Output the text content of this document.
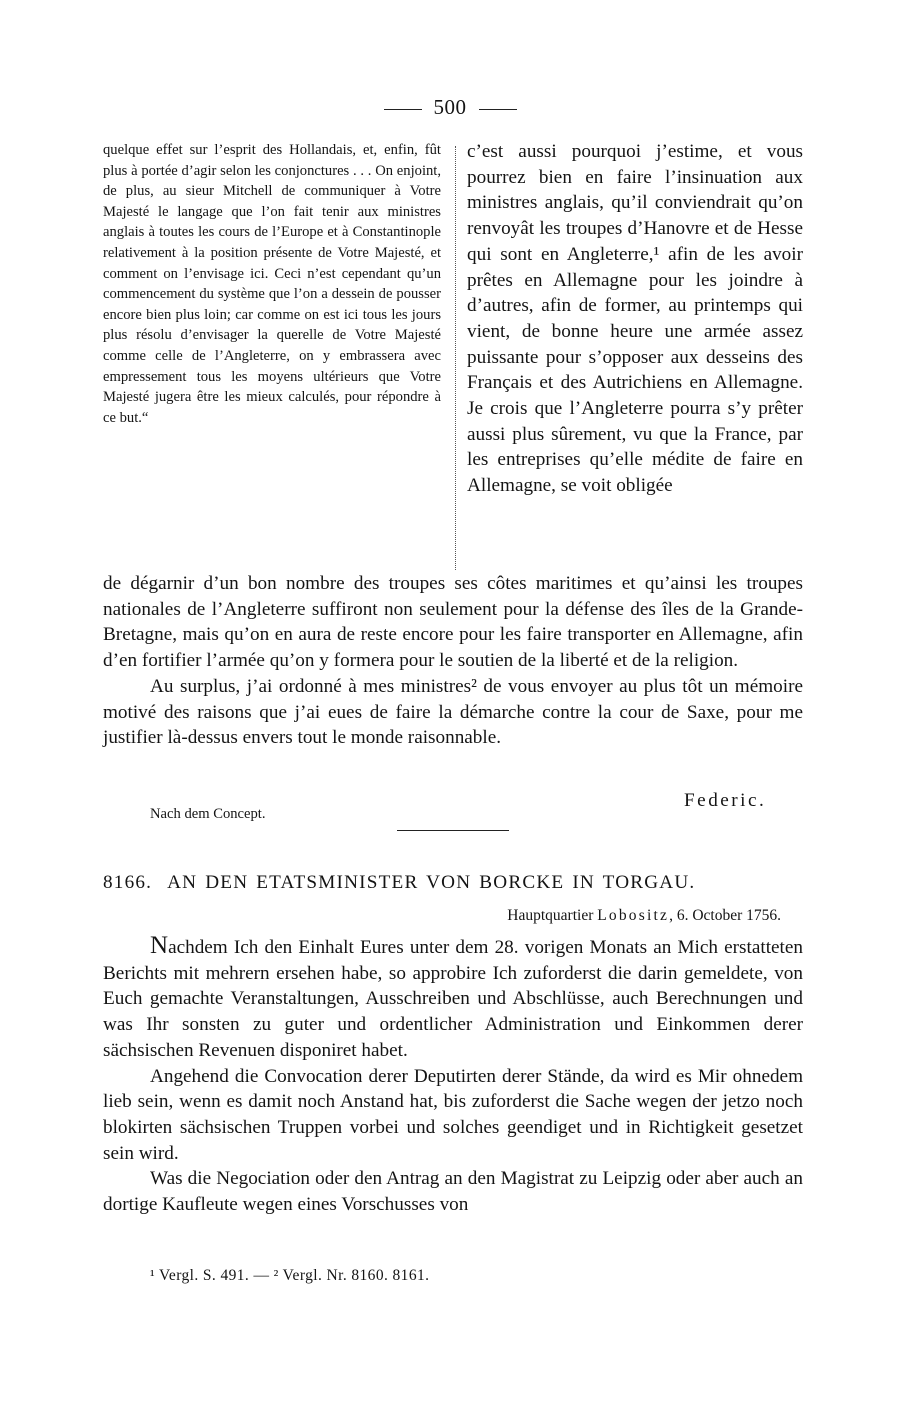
500

quelque effet sur l’esprit des Hollandais, et, enfin, fût plus à portée d’agir selon les conjonctures . . . On enjoint, de plus, au sieur Mitchell de communiquer à Votre Majesté le langage que l’on fait tenir aux ministres anglais à toutes les cours de l’Europe et à Constantinople relativement à la position présente de Votre Majesté, et comment on l’envisage ici. Ceci n’est cependant qu’un commencement du système que l’on a dessein de pousser encore bien plus loin; car comme on est ici tous les jours plus résolu d’envisager la querelle de Votre Majesté comme celle de l’Angleterre, on y embrassera avec empressement tous les moyens ultérieurs que Votre Majesté jugera être les mieux calculés, pour répondre à ce but.“

c’est aussi pourquoi j’estime, et vous pourrez bien en faire l’insinuation aux ministres anglais, qu’il conviendrait qu’on renvoyât les troupes d’Hanovre et de Hesse qui sont en Angleterre,¹ afin de les avoir prêtes en Allemagne pour les joindre à d’autres, afin de former, au printemps qui vient, de bonne heure une armée assez puissante pour s’opposer aux desseins des Français et des Autrichiens en Allemagne. Je crois que l’Angleterre pourra s’y prêter aussi plus sûrement, vu que la France, par les entreprises qu’elle médite de faire en Allemagne, se voit obligée

de dégarnir d’un bon nombre des troupes ses côtes maritimes et qu’ainsi les troupes nationales de l’Angleterre suffiront non seulement pour la défense des îles de la Grande-Bretagne, mais qu’on en aura de reste encore pour les faire transporter en Allemagne, afin d’en fortifier l’armée qu’on y formera pour le soutien de la liberté et de la religion.

Au surplus, j’ai ordonné à mes ministres² de vous envoyer au plus tôt un mémoire motivé des raisons que j’ai eues de faire la démarche contre la cour de Saxe, pour me justifier là-dessus envers tout le monde raisonnable.

Federic.
Nach dem Concept.
8166. AN DEN ETATSMINISTER VON BORCKE IN TORGAU.
Hauptquartier Lobositz, 6. October 1756.

Nachdem Ich den Einhalt Eures unter dem 28. vorigen Monats an Mich erstatteten Berichts mit mehrern ersehen habe, so approbire Ich zuforderst die darin gemeldete, von Euch gemachte Veranstaltungen, Ausschreiben und Abschlüsse, auch Berechnungen und was Ihr sonsten zu guter und ordentlicher Administration und Einkommen derer sächsischen Revenuen disponiret habet.

Angehend die Convocation derer Deputirten derer Stände, da wird es Mir ohnedem lieb sein, wenn es damit noch Anstand hat, bis zuforderst die Sache wegen der jetzo noch blokirten sächsischen Truppen vorbei und solches geendiget und in Richtigkeit gesetzet sein wird.

Was die Negociation oder den Antrag an den Magistrat zu Leipzig oder aber auch an dortige Kaufleute wegen eines Vorschusses von

¹ Vergl. S. 491. — ² Vergl. Nr. 8160. 8161.
